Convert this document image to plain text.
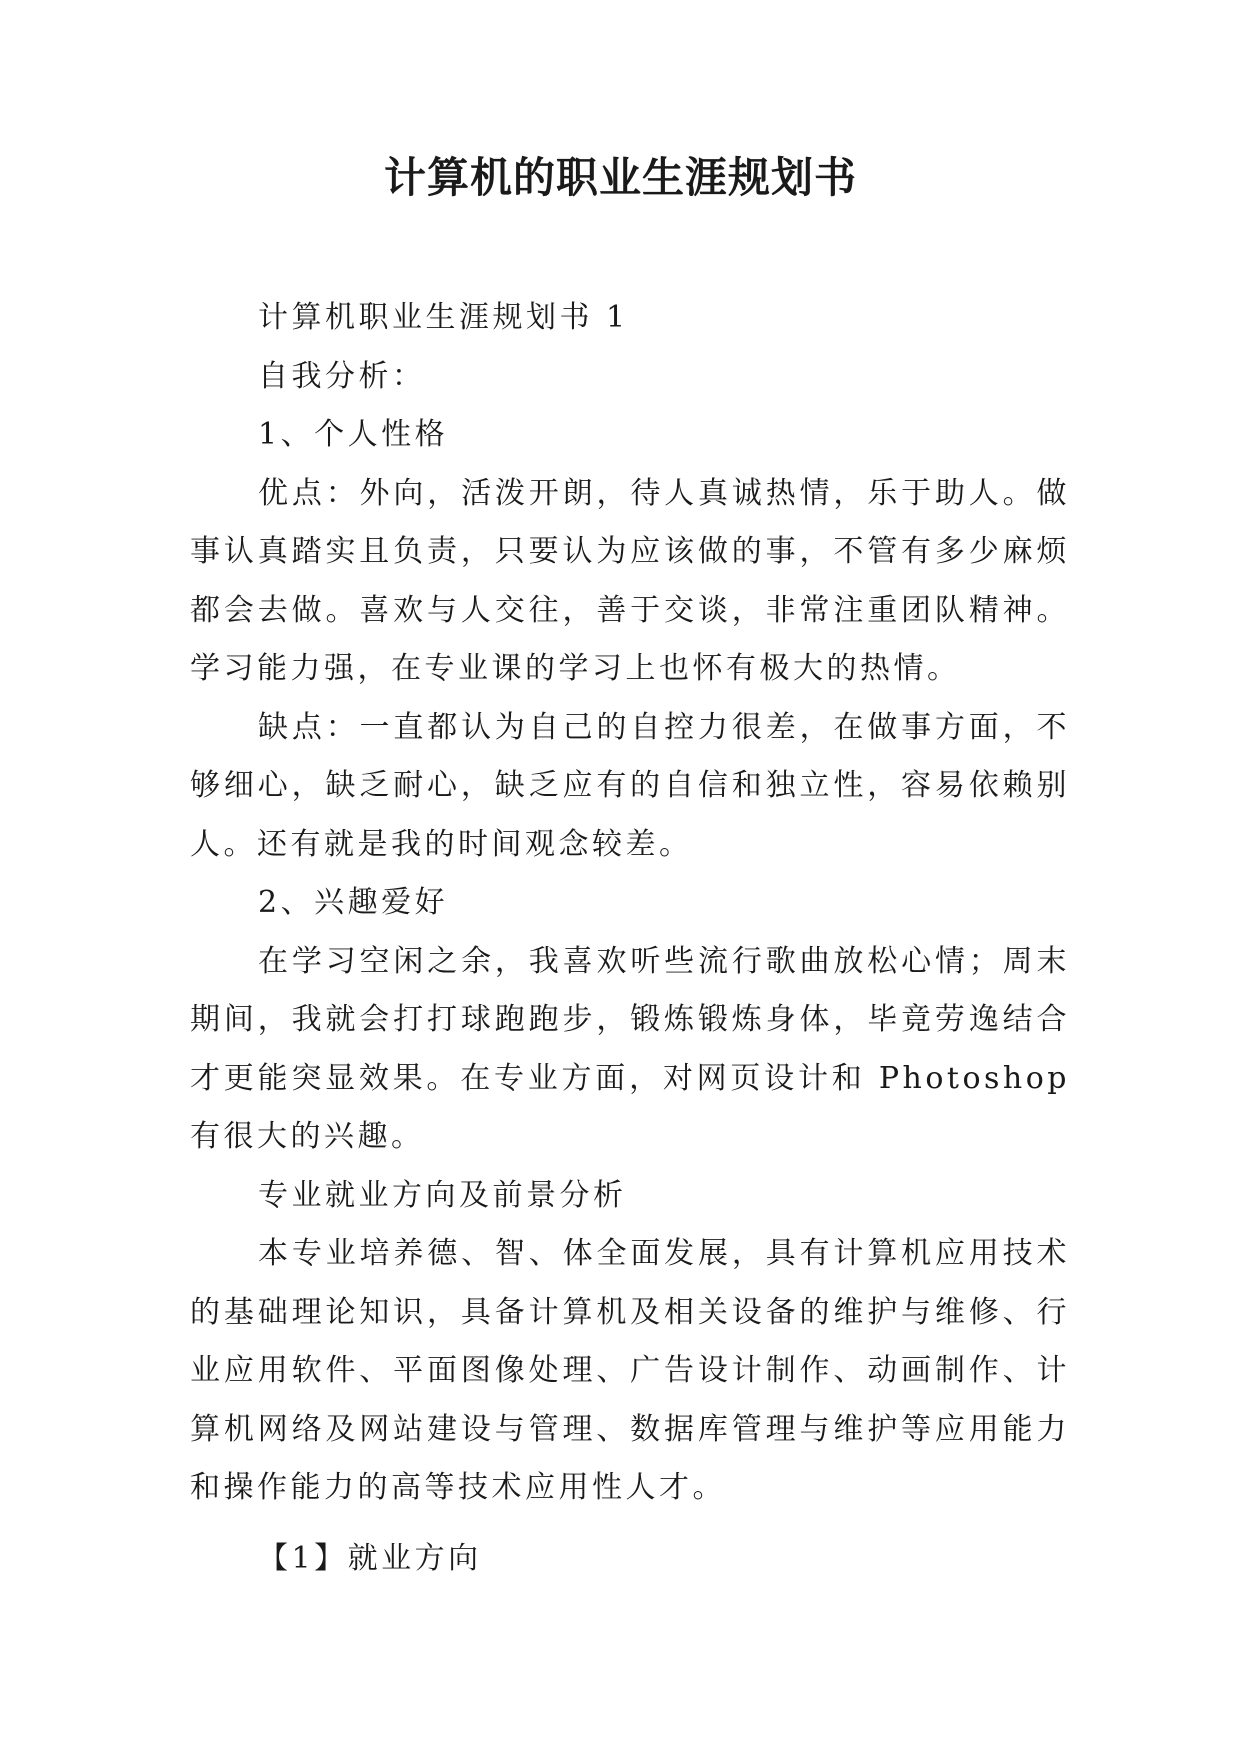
计算机的职业生涯规划书

计算机职业生涯规划书 1

自我分析：

1、个人性格

优点：外向，活泼开朗，待人真诚热情，乐于助人。做事认真踏实且负责，只要认为应该做的事，不管有多少麻烦都会去做。喜欢与人交往，善于交谈，非常注重团队精神。学习能力强，在专业课的学习上也怀有极大的热情。

缺点：一直都认为自己的自控力很差，在做事方面，不够细心，缺乏耐心，缺乏应有的自信和独立性，容易依赖别人。还有就是我的时间观念较差。

2、兴趣爱好

在学习空闲之余，我喜欢听些流行歌曲放松心情；周末期间，我就会打打球跑跑步，锻炼锻炼身体，毕竟劳逸结合才更能突显效果。在专业方面，对网页设计和 Photoshop 有很大的兴趣。

专业就业方向及前景分析

本专业培养德、智、体全面发展，具有计算机应用技术的基础理论知识，具备计算机及相关设备的维护与维修、行业应用软件、平面图像处理、广告设计制作、动画制作、计算机网络及网站建设与管理、数据库管理与维护等应用能力和操作能力的高等技术应用性人才。

【1】就业方向
